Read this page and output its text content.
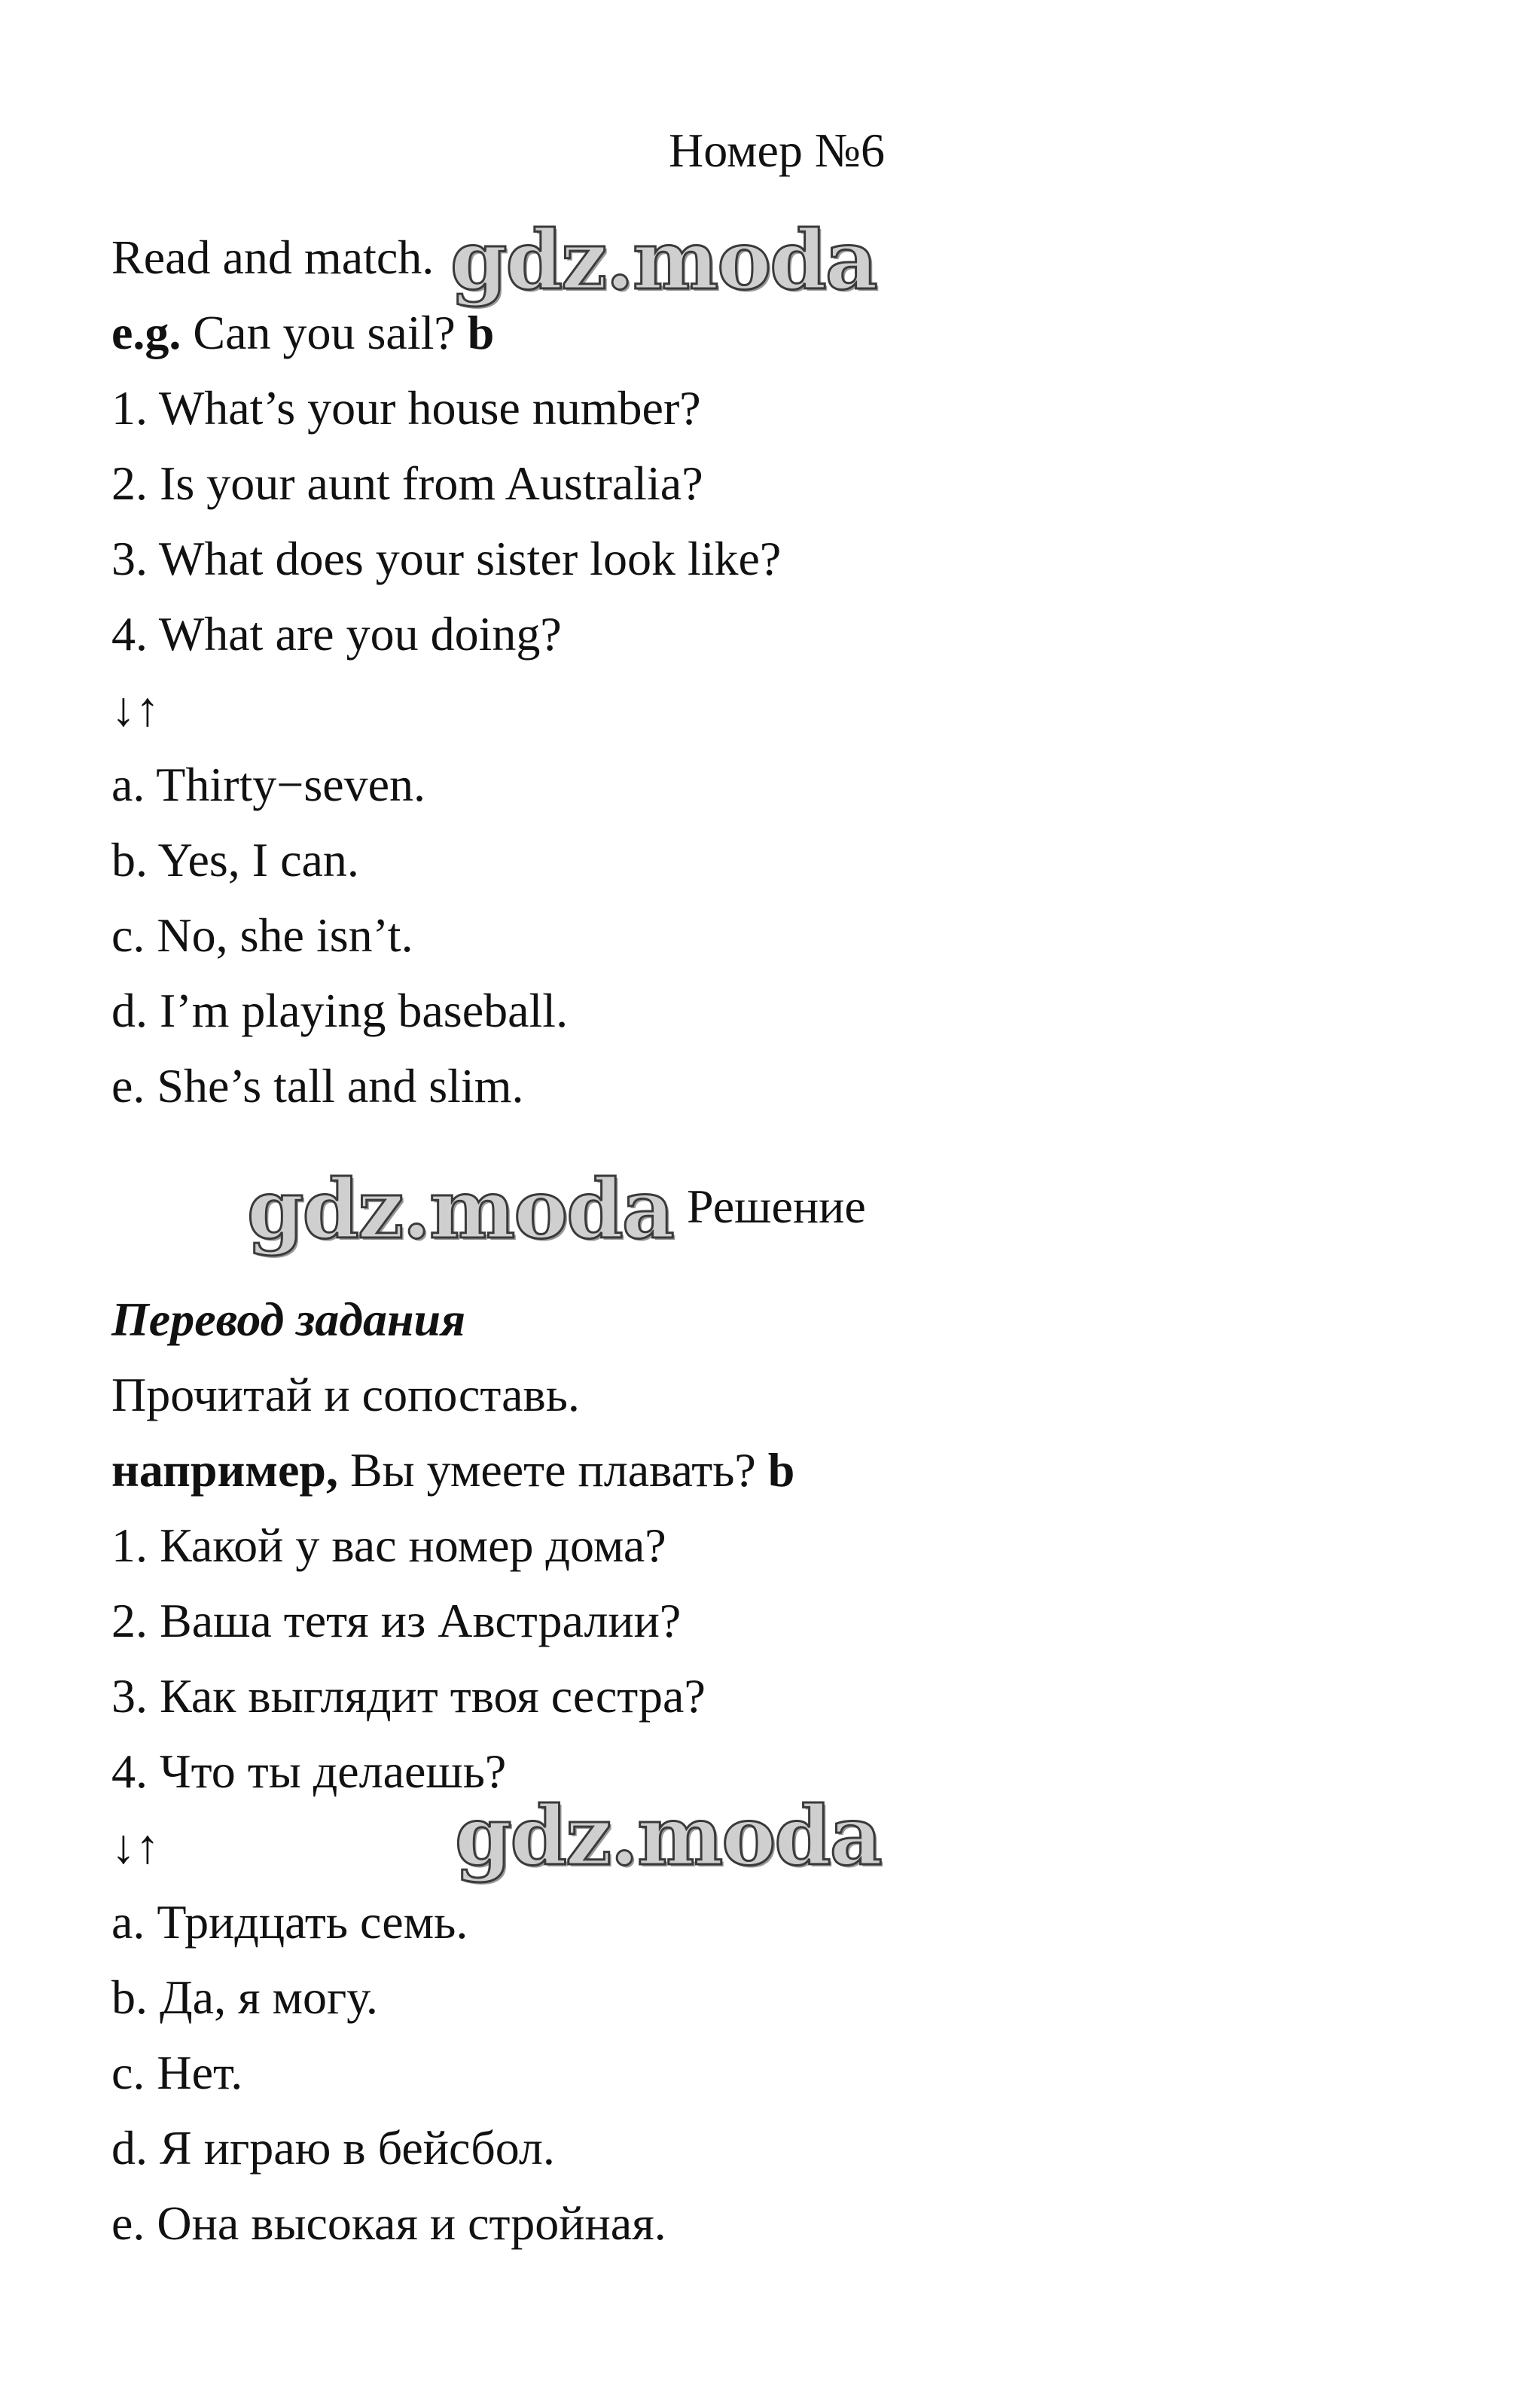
Номер №6
Read and match.
e.g. Can you sail? b
1. What’s your house number?
2. Is your aunt from Australia?
3. What does your sister look like?
4. What are you doing?
↓↑
a. Thirty−seven.
b. Yes, I can.
c. No, she isn’t.
d. I’m playing baseball.
e. She’s tall and slim.
Решение
Перевод задания
Прочитай и сопоставь.
например, Вы умеете плавать? b
1. Какой у вас номер дома?
2. Ваша тетя из Австралии?
3. Как выглядит твоя сестра?
4. Что ты делаешь?
↓↑
a. Тридцать семь.
b. Да, я могу.
c. Нет.
d. Я играю в бейсбол.
e. Она высокая и стройная.
gdz.moda
gdz.moda
gdz.moda
